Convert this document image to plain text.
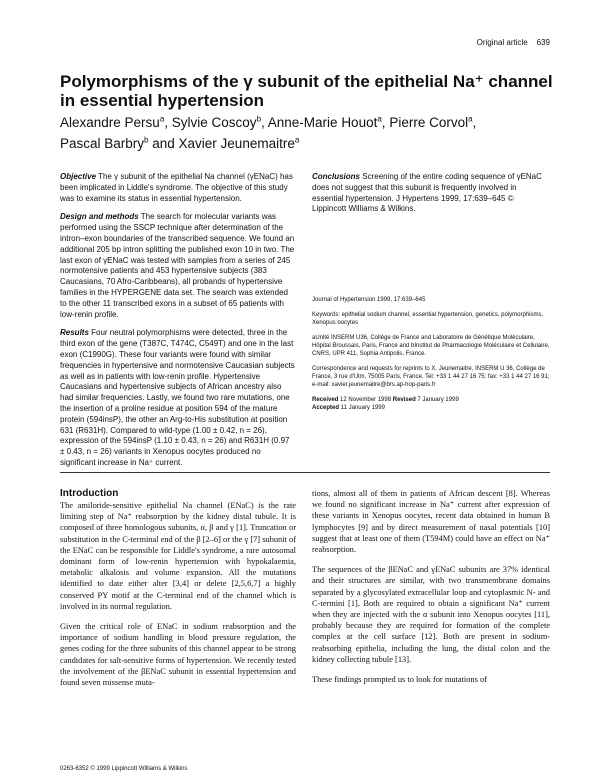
Original article 639
Polymorphisms of the γ subunit of the epithelial Na⁺ channel in essential hypertension
Alexandre Persu$^a$, Sylvie Coscoy$^b$, Anne-Marie Houot$^a$, Pierre Corvol$^a$,
Pascal Barbry$^b$ and Xavier Jeunemaitre$^a$

Objective The γ subunit of the epithelial Na channel (γENaC) has been implicated in Liddle's syndrome. The objective of this study was to examine its status in essential hypertension.

Design and methods The search for molecular variants was performed using the SSCP technique after determination of the intron–exon boundaries of the transcribed sequence. We found an additional 205 bp intron splitting the published exon 10 in two. The last exon of γENaC was tested with samples from a series of 245 normotensive patients and 453 hypertensive subjects (383 Caucasians, 70 Afro-Caribbeans), all probands of hypertensive families in the HYPERGENE data set. The search was extended to the other 11 transcribed exons in a subset of 65 patients with low-renin profile.

Results Four neutral polymorphisms were detected, three in the third exon of the gene (T387C, T474C, C549T) and one in the last exon (C1990G). These four variants were found with similar frequencies in hypertensive and normotensive Caucasian subjects as well as in patients with low-renin profile. Hypertensive Caucasians and hypertensive subjects of African ancestry also had similar frequencies. Lastly, we found two rare mutations, one the insertion of a proline residue at position 594 of the mature protein (594insP), the other an Arg-to-His substitution at position 631 (R631H). Compared to wild-type (1.00 ± 0.42, n = 26), expression of the 594insP (1.10 ± 0.43, n = 26) and R631H (0.97 ± 0.43, n = 26) variants in Xenopus oocytes produced no significant increase in Na⁺ current.

Conclusions Screening of the entire coding sequence of γENaC does not suggest that this subunit is frequently involved in essential hypertension. J Hypertens 1999, 17:639–645 © Lippincott Williams & Wilkins.

Journal of Hypertension 1999, 17:639–645

Keywords: epithelial sodium channel, essential hypertension, genetics, polymorphisms, Xenopus oocytes

aUnité INSERM U36, Collège de France and Laboratoire de Génétique Moléculaire, Hôpital Broussais, Paris, France and bInstitut de Pharmacologie Moléculaire et Cellulaire, CNRS, UPR 411, Sophia Antipolis, France.

Correspondence and requests for reprints to X. Jeunemaitre, INSERM U 36, Collège de France, 3 rue d'Ulm, 75005 Paris, France. Tel: +33 1 44 27 16 75; fax: +33 1 44 27 16 91; e-mail: xavier.jeunemaitre@brs.ap-hop-paris.fr

Received 12 November 1998 Revised 7 January 1999
Accepted 11 January 1999

Introduction

The amiloride-sensitive epithelial Na channel (ENaC) is the rate limiting step of Na⁺ reabsorption by the kidney distal tubule. It is composed of three homologous subunits, α, β and γ [1]. Truncation or substitution in the C-terminal end of the β [2–6] or the γ [7] subunit of the ENaC can be responsible for Liddle's syndrome, a rare autosomal dominant form of low-renin hypertension with hypokalaemia, metabolic alkalosis and volume expansion. All the mutations identified to date either alter [3,4] or delete [2,5,6,7] a highly conserved PY motif at the C-terminal end of the channel which is involved in its normal regulation.

Given the critical role of ENaC in sodium reabsorption and the importance of sodium handling in blood pressure regulation, the genes coding for the three subunits of this channel appear to be strong candidates for salt-sensitive forms of hypertension. We recently tested the involvement of the βENaC subunit in essential hypertension and found seven missense muta-

tions, almost all of them in patients of African descent [8]. Whereas we found no significant increase in Na⁺ current after expression of these variants in Xenopus oocytes, recent data obtained in human B lymphocytes [9] and by direct measurement of nasal potentials [10] suggest that at least one of them (T594M) could have an effect on Na⁺ reabsorption.

The sequences of the βENaC and γENaC subunits are 37% identical and their structures are similar, with two transmembrane domains separated by a glycosylated extracellular loop and cytoplasmic N- and C-termini [1]. Both are required to obtain a significant Na⁺ current when they are injected with the α subunit into Xenopus oocytes [11], probably because they are required for formation of the complete complex at the cell surface [12]. Both are present in sodium-reabsorbing epithelia, including the lung, the distal colon and the kidney collecting tubule [13].

These findings prompted us to look for mutations of

0263-6352 © 1999 Lippincott Williams & Wilkins
